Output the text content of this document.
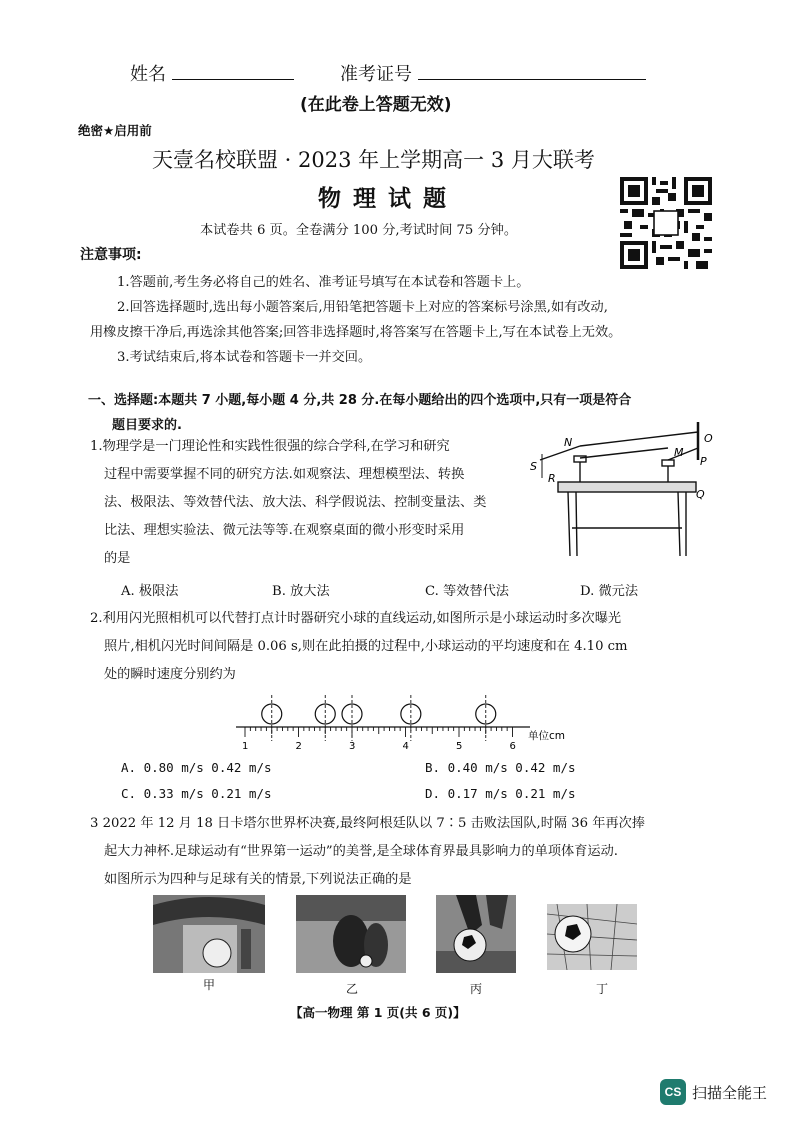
姓名	准考证号
(在此卷上答题无效)
绝密★启用前
天壹名校联盟 · 2023 年上学期高一 3 月大联考
物 理 试 题
本试卷共 6 页。全卷满分 100 分,考试时间 75 分钟。
注意事项:
1.答题前,考生务必将自己的姓名、准考证号填写在本试卷和答题卡上。
2.回答选择题时,选出每小题答案后,用铅笔把答题卡上对应的答案标号涂黑,如有改动,
用橡皮擦干净后,再选涂其他答案;回答非选择题时,将答案写在答题卡上,写在本试卷上无效。
3.考试结束后,将本试卷和答题卡一并交回。
一、选择题:本题共 7 小题,每小题 4 分,共 28 分.在每小题给出的四个选项中,只有一项是符合
题目要求的.
1.物理学是一门理论性和实践性很强的综合学科,在学习和研究
过程中需要掌握不同的研究方法.如观察法、理想模型法、转换
法、极限法、等效替代法、放大法、科学假说法、控制变量法、类
比法、理想实验法、微元法等等.在观察桌面的微小形变时采用
的是
N	O
M
P
S
R
Q
A. 极限法	B. 放大法	C. 等效替代法	D. 微元法
2.利用闪光照相机可以代替打点计时器研究小球的直线运动,如图所示是小球运动时多次曝光
照片,相机闪光时间间隔是 0.06 s,则在此拍摄的过程中,小球运动的平均速度和在 4.10 cm
处的瞬时速度分别约为
1	2	3	4	5	6
单位cm
A. 0.80 m/s 0.42 m/s	B. 0.40 m/s 0.42 m/s
C. 0.33 m/s 0.21 m/s	D. 0.17 m/s 0.21 m/s
3 2022 年 12 月 18 日卡塔尔世界杯决赛,最终阿根廷队以 7∶5 击败法国队,时隔 36 年再次捧
起大力神杯.足球运动有“世界第一运动”的美誉,是全球体育界最具影响力的单项体育运动.
如图所示为四种与足球有关的情景,下列说法正确的是
甲	乙	丙	丁
【高一物理 第 1 页(共 6 页)】
CS 扫描全能王
